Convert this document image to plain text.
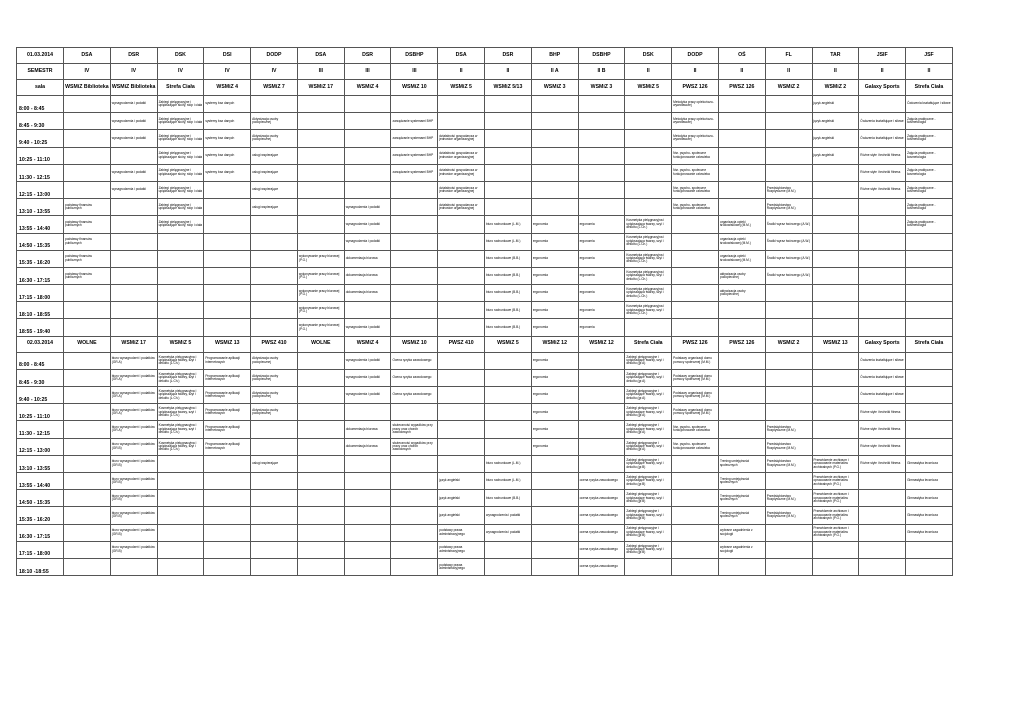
01.03.2014	DSA	DSR	DSK	DSI	DODP	DSA	DSR	DSBHP	DSA	DSR	BHP	DSBHP	DSK	DODP	OŚ	FL	TAR	JSIF	JSF	
SEMESTR	IV	IV	IV	IV	IV	III	III	III	II	II	II A	II B	II	II	II	II	II	II	II	
sala	WSMiZ Biblioteka	WSMiZ Biblioteka	Strefa Ciała	WSMiZ 4	WSMiZ 7	WSMiZ 17	WSMiZ 4	WSMiZ 10	WSMiZ 5	WSMiZ 5/13	WSMiZ 3	WSMiZ 3	WSMiZ 5	PWSZ 126	PWSZ 126	WSMiZ 2	WSMiZ 2	Galaxy Sports	Strefa Ciała	
8:00 - 8:45		wynagrodzenia i podatki	Zabiegi pielęgnacyjne i upiększające skóry, stóp i ciała	systemy baz danych										Metodyka pracy opiekuńczo-wywoławczej			język angielski		Ćwiczenia kształtujące i siłowe	
8:45 - 9:30		wynagrodzenia i podatki	Zabiegi pielęgnacyjne i upiększające skóry, stóp i ciała	systemy baz danych	Aktywizacja osoby podopiecznej			zarządzanie systemami BHP						Metodyka pracy opiekuńczo-wywoławczej			język angielski	Ćwiczenia kształtujące i siłowe	Zajęcia praktyczne - kosmetologia	
9:40 - 10:25		wynagrodzenia i podatki	Zabiegi pielęgnacyjne i upiększające skóry, stóp i ciała	systemy baz danych	Aktywizacja osoby podopiecznej			zarządzanie systemami BHP	działalność gospodarcza w jednostce organizacyjnej					Metodyka pracy opiekuńczo-wywoławczej			język angielski	Ćwiczenia kształtujące i siłowe	Zajęcia praktyczne - kosmetologia	
10:25 - 11:10			Zabiegi pielęgnacyjne i upiększające skóry, stóp i ciała	systemy baz danych	usługi wspierające			zarządzanie systemami BHP	działalność gospodarcza w jednostce organizacyjnej					Nsr. psycho- społeczne funkcjonowanie człowieka			język angielski	Różne style i techniki fitness	Zajęcia praktyczne - kosmetologia	
11:30 - 12:15		wynagrodzenia i podatki	Zabiegi pielęgnacyjne i upiększające skóry, stóp i ciała	systemy baz danych	usługi wspierające			zarządzanie systemami BHP	działalność gospodarcza w jednostce organizacyjnej					Nsr. psycho- społeczne funkcjonowanie człowieka				Różne style i techniki fitness	Zajęcia praktyczne - kosmetologia	
12:15 - 13:00		wynagrodzenia i podatki	Zabiegi pielęgnacyjne i upiększające skóry, stóp i ciała		usługi wspierające				działalność gospodarcza w jednostce organizacyjnej					Nsr. psycho- społeczne funkcjonowanie człowieka		Przedsiębiorstwo Rozpływczne (M.M.)		Różne style i techniki fitness	Zajęcia praktyczne - kosmetologia	
13:10 - 13:55	podstawy finansów publicznych		Zabiegi pielęgnacyjne i upiększające skóry, stóp i ciała		usługi wspierające		wynagrodzenia i podatki		działalność gospodarcza w jednostce organizacyjnej					Nsr. psycho- społeczne funkcjonowanie człowieka		Przedsiębiorstwo Rozpływczne (M.M.)			Zajęcia praktyczne - kosmetologia	
13:55 - 14:40	podstawy finansów publicznych		Zabiegi pielęgnacyjne i upiększające skóry, stóp i ciała				wynagrodzenia i podatki			biuro rachunkowe (L.M.)	ergonomia	ergonomia	Kosmetyka pielęgnacyjna i upiększająca twarzy, szyi i dekoltu (L.Ch.)		organizacja opieki środowiskowej (M.M.)	Środki wyraz twórczego (A.W.)			Zajęcia praktyczne - kosmetologia	
14:50 - 15:35	podstawy finansów publicznych						wynagrodzenia i podatki			biuro rachunkowe (L.M.)	ergonomia	ergonomia	Kosmetyka pielęgnacyjna i upiększająca twarzy, szyi i dekoltu (L.Ch.)		organizacja opieki środowiskowej (M.M.)	Środki wyraz twórczego (A.W.)				
15:35 - 16:20	podstawy finansów publicznych					wykonywanie pracy biurowej (P.G.)	dokumentacja biurowa			biuro rachunkowe (B.B.)	ergonomia	ergonomia	Kosmetyka pielęgnacyjna i upiększająca twarzy, szyi i dekoltu (L.Ch.)		organizacja opieki środowiskowej (M.M.)	Środki wyraz twórczego (A.W.)				
16:30 - 17:15	podstawy finansów publicznych					wykonywanie pracy biurowej (P.G.)	dokumentacja biurowa			biuro rachunkowe (B.B.)	ergonomia	ergonomia	Kosmetyka pielęgnacyjna i upiększająca twarzy, szyi i dekoltu (L.Ch.)		aktywizacja osoby podopiecznej	Środki wyraz twórczego (A.W.)				
17:15 - 18:00						wykonywanie pracy biurowej (P.G.)	dokumentacja biurowa			biuro rachunkowe (B.B.)	ergonomia	ergonomia	Kosmetyka pielęgnacyjna i upiększająca twarzy, szyi i dekoltu (L.Ch.)		aktywizacja osoby podopiecznej					
18:10 - 18:55						wykonywanie pracy biurowej (P.G.)				biuro rachunkowe (B.B.)	ergonomia	ergonomia	Kosmetyka pielęgnacyjna i upiększająca twarzy, szyi i dekoltu (L.Ch.)							
18:55 - 19:40						wykonywanie pracy biurowej (P.G.)	wynagrodzenia i podatki			biuro rachunkowe (B.B.)	ergonomia	ergonomia								
02.03.2014	WOLNE	WSMiZ 17	WSMiZ 5	WSMiZ 13	PWSZ 410	WOLNE	WSMiZ 4	WSMiZ 10	PWSZ 410	WSMiZ 5	WSMiZ 12	WSMiZ 12	Strefa Ciała	PWSZ 126	PWSZ 126	WSMiZ 2	WSMiZ 13	Galaxy Sports	Strefa Ciała	
8:00 - 8:45		biuro wynagrodzeń i podatków (GR.A)	Kosmetyka pielęgnacyjna i upiększająca twarzy, szyi i dekoltu (L.Ch.)	Programowanie aplikacji internetowych	Aktywizacja osoby podopiecznej		wynagrodzenia i podatki	Ocena ryzyka zawodowego			ergonomia		Zabiegi pielęgnacyjne i upiększające twarzy, szyi i dekoltu (gr.A)	Podstawy organizacji domu pomocy społecznej (M.M.)				Ćwiczenia kształtujące i siłowe		
8:45 - 9:30		biuro wynagrodzeń i podatków (GR.A)	Kosmetyka pielęgnacyjna i upiększająca twarzy, szyi i dekoltu (L.Ch.)	Programowanie aplikacji internetowych	Aktywizacja osoby podopiecznej		wynagrodzenia i podatki	Ocena ryzyka zawodowego			ergonomia		Zabiegi pielęgnacyjne i upiększające twarzy, szyi i dekoltu (gr.A)	Podstawy organizacji domu pomocy społecznej (M.M.)				Ćwiczenia kształtujące i siłowe		
9:40 - 10:25		biuro wynagrodzeń i podatków (GR.A)	Kosmetyka pielęgnacyjna i upiększająca twarzy, szyi i dekoltu (L.Ch.)	Programowanie aplikacji internetowych	Aktywizacja osoby podopiecznej		wynagrodzenia i podatki	Ocena ryzyka zawodowego			ergonomia		Zabiegi pielęgnacyjne i upiększające twarzy, szyi i dekoltu (gr.A)	Podstawy organizacji domu pomocy społecznej (M.M.)				Ćwiczenia kształtujące i siłowe		
10:25 - 11:10		biuro wynagrodzeń i podatków (GR.A)	Kosmetyka pielęgnacyjna i upiększająca twarzy, szyi i dekoltu (L.Ch.)	Programowanie aplikacji internetowych	Aktywizacja osoby podopiecznej						ergonomia		Zabiegi pielęgnacyjne i upiększające twarzy, szyi i dekoltu (gr.A)	Podstawy organizacji domu pomocy społecznej (M.M.)				Różne style i techniki fitness		
11:30 - 12:15		biuro wynagrodzeń i podatków (GR.A)	Kosmetyka pielęgnacyjna i upiększająca twarzy, szyi i dekoltu (L.Ch.)	Programowanie aplikacji internetowych			dokumentacja biurowa	skuteczność wypadków przy pracy oraz chorób zawodowych			ergonomia		Zabiegi pielęgnacyjne i upiększające twarzy, szyi i dekoltu (gr.A)	Nsr. psycho- społeczne funkcjonowanie człowieka		Przedsiębiorstwo Rozpływczne (M.M.)		Różne style i techniki fitness		
12:15 - 13:00		biuro wynagrodzeń i podatków (GR.B)	Kosmetyka pielęgnacyjna i upiększająca twarzy, szyi i dekoltu (L.Ch.)	Programowanie aplikacji internetowych			dokumentacja biurowa	skuteczność wypadków przy pracy oraz chorób zawodowych			ergonomia		Zabiegi pielęgnacyjne i upiększające twarzy, szyi i dekoltu (gr.A)	Nsr. psycho- społeczne funkcjonowanie człowieka		Przedsiębiorstwo Rozpływczne (M.M.)		Różne style i techniki fitness		
13:10 - 13:55		biuro wynagrodzeń i podatków (GR.B)			usługi wspierające					biuro rachunkowe (L.M.)			Zabiegi pielęgnacyjne i upiększające twarzy, szyi i dekoltu (gr.B)		Trening umiejętności społecznych	Przedsiębiorstwo Rozpływczne (M.M.)	Przewidzenie archiwum i opracowanie materiałów archiwalnych (P.G.)	Różne style i techniki fitness	Gimnastyka lecznicza	
13:55 - 14:40		biuro wynagrodzeń i podatków (GR.B)							język angielski	biuro rachunkowe (L.M.)		ocena ryzyka zawodowego	Zabiegi pielęgnacyjne i upiększające twarzy, szyi i dekoltu (gr.B)		Trening umiejętności społecznych		Przewidzenie archiwum i opracowanie materiałów archiwalnych (P.G.)		Gimnastyka lecznicza	
14:50 - 15:35		biuro wynagrodzeń i podatków (GR.B)							język angielski	biuro rachunkowe (B.B.)		ocena ryzyka zawodowego	Zabiegi pielęgnacyjne i upiększające twarzy, szyi i dekoltu (gr.B)		Trening umiejętności społecznych	Przedsiębiorstwo Rozpływczne (M.M.)	Przewidzenie archiwum i opracowanie materiałów archiwalnych (P.G.)		Gimnastyka lecznicza	
15:35 - 16:20		biuro wynagrodzeń i podatków (GR.B)							język angielski	wynagrodzenia i podatki		ocena ryzyka zawodowego	Zabiegi pielęgnacyjne i upiększające twarzy, szyi i dekoltu (gr.B)		Trening umiejętności społecznych	Przedsiębiorstwo Rozpływczne (M.M.)	Przewidzenie archiwum i opracowanie materiałów archiwalnych (P.G.)		Gimnastyka lecznicza	
16:30 - 17:15		biuro wynagrodzeń i podatków (GR.B)							podstawy prawa administracyjnego	wynagrodzenia i podatki		ocena ryzyka zawodowego	Zabiegi pielęgnacyjne i upiększające twarzy, szyi i dekoltu (gr.B)		wybrane zagadnienia z socjologii		Przewidzenie archiwum i opracowanie materiałów archiwalnych (P.G.)		Gimnastyka lecznicza	
17:15 - 18:00		biuro wynagrodzeń i podatków (GR.B)							podstawy prawa administracyjnego			ocena ryzyka zawodowego	Zabiegi pielęgnacyjne i upiększające twarzy, szyi i dekoltu (gr.B)		wybrane zagadnienia z socjologii					
18:10 -18:55									podstawy prawa administracyjnego			ocena ryzyka zawodowego								
